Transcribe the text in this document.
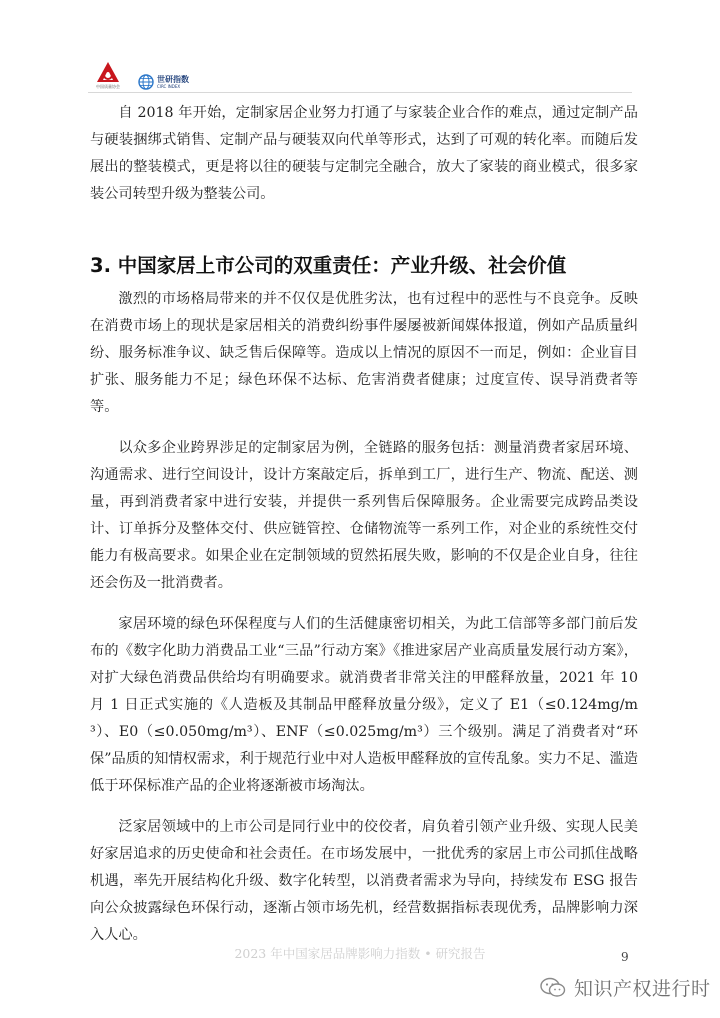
中国质量协会
世研指数
CIRC INDEX

自 2018 年开始，定制家居企业努力打通了与家装企业合作的难点，通过定制产品与硬装捆绑式销售、定制产品与硬装双向代单等形式，达到了可观的转化率。而随后发展出的整装模式，更是将以往的硬装与定制完全融合，放大了家装的商业模式，很多家装公司转型升级为整装公司。

3. 中国家居上市公司的双重责任：产业升级、社会价值

激烈的市场格局带来的并不仅仅是优胜劣汰，也有过程中的恶性与不良竞争。反映在消费市场上的现状是家居相关的消费纠纷事件屡屡被新闻媒体报道，例如产品质量纠纷、服务标准争议、缺乏售后保障等。造成以上情况的原因不一而足，例如：企业盲目扩张、服务能力不足；绿色环保不达标、危害消费者健康；过度宣传、误导消费者等等。

以众多企业跨界涉足的定制家居为例，全链路的服务包括：测量消费者家居环境、沟通需求、进行空间设计，设计方案敲定后，拆单到工厂，进行生产、物流、配送、测量，再到消费者家中进行安装，并提供一系列售后保障服务。企业需要完成跨品类设计、订单拆分及整体交付、供应链管控、仓储物流等一系列工作，对企业的系统性交付能力有极高要求。如果企业在定制领域的贸然拓展失败，影响的不仅是企业自身，往往还会伤及一批消费者。

家居环境的绿色环保程度与人们的生活健康密切相关，为此工信部等多部门前后发布的《数字化助力消费品工业“三品”行动方案》《推进家居产业高质量发展行动方案》，对扩大绿色消费品供给均有明确要求。就消费者非常关注的甲醛释放量，2021 年 10 月 1 日正式实施的《人造板及其制品甲醛释放量分级》，定义了 E1（≤0.124mg/m³）、E0（≤0.050mg/m³）、ENF（≤0.025mg/m³）三个级别。满足了消费者对“环保”品质的知情权需求，利于规范行业中对人造板甲醛释放的宣传乱象。实力不足、滥造低于环保标准产品的企业将逐渐被市场淘汰。

泛家居领域中的上市公司是同行业中的佼佼者，肩负着引领产业升级、实现人民美好家居追求的历史使命和社会责任。在市场发展中，一批优秀的家居上市公司抓住战略机遇，率先开展结构化升级、数字化转型，以消费者需求为导向，持续发布 ESG 报告向公众披露绿色环保行动，逐渐占领市场先机，经营数据指标表现优秀，品牌影响力深入人心。

2023 年中国家居品牌影响力指数 • 研究报告	9
知识产权进行时
